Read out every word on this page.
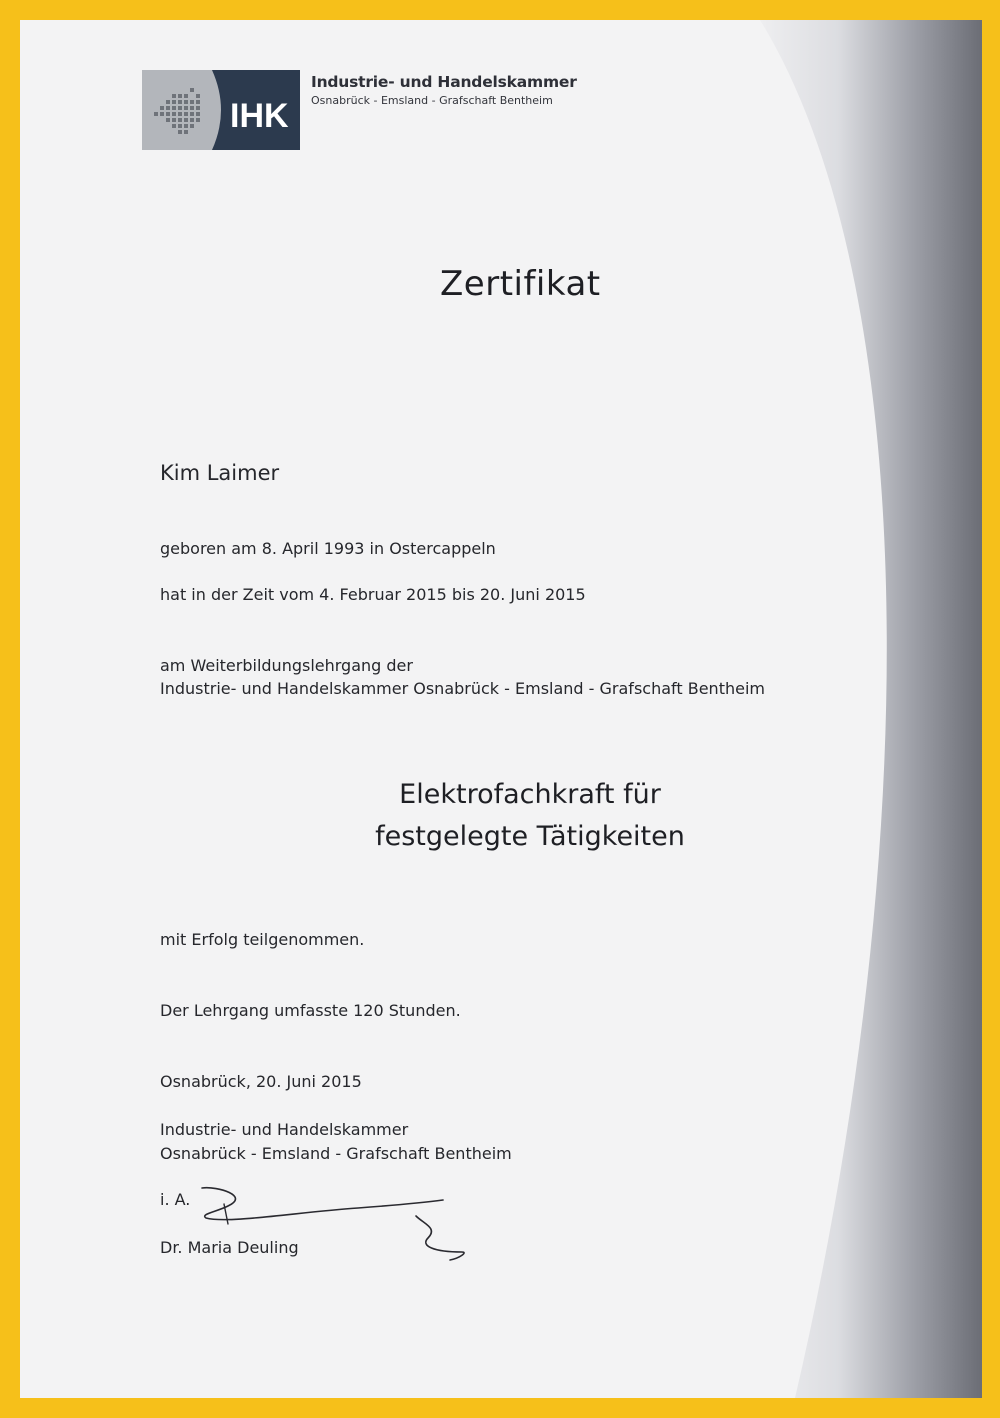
IHK
Industrie- und Handelskammer
Osnabrück - Emsland - Grafschaft Bentheim
Zertifikat
Kim Laimer
geboren am 8. April 1993 in Ostercappeln
hat in der Zeit vom 4. Februar 2015 bis 20. Juni 2015
am Weiterbildungslehrgang der
Industrie- und Handelskammer Osnabrück - Emsland - Grafschaft Bentheim
Elektrofachkraft für
festgelegte Tätigkeiten
mit Erfolg teilgenommen.
Der Lehrgang umfasste 120 Stunden.
Osnabrück, 20. Juni 2015
Industrie- und Handelskammer
Osnabrück - Emsland - Grafschaft Bentheim
i. A.
Dr. Maria Deuling
